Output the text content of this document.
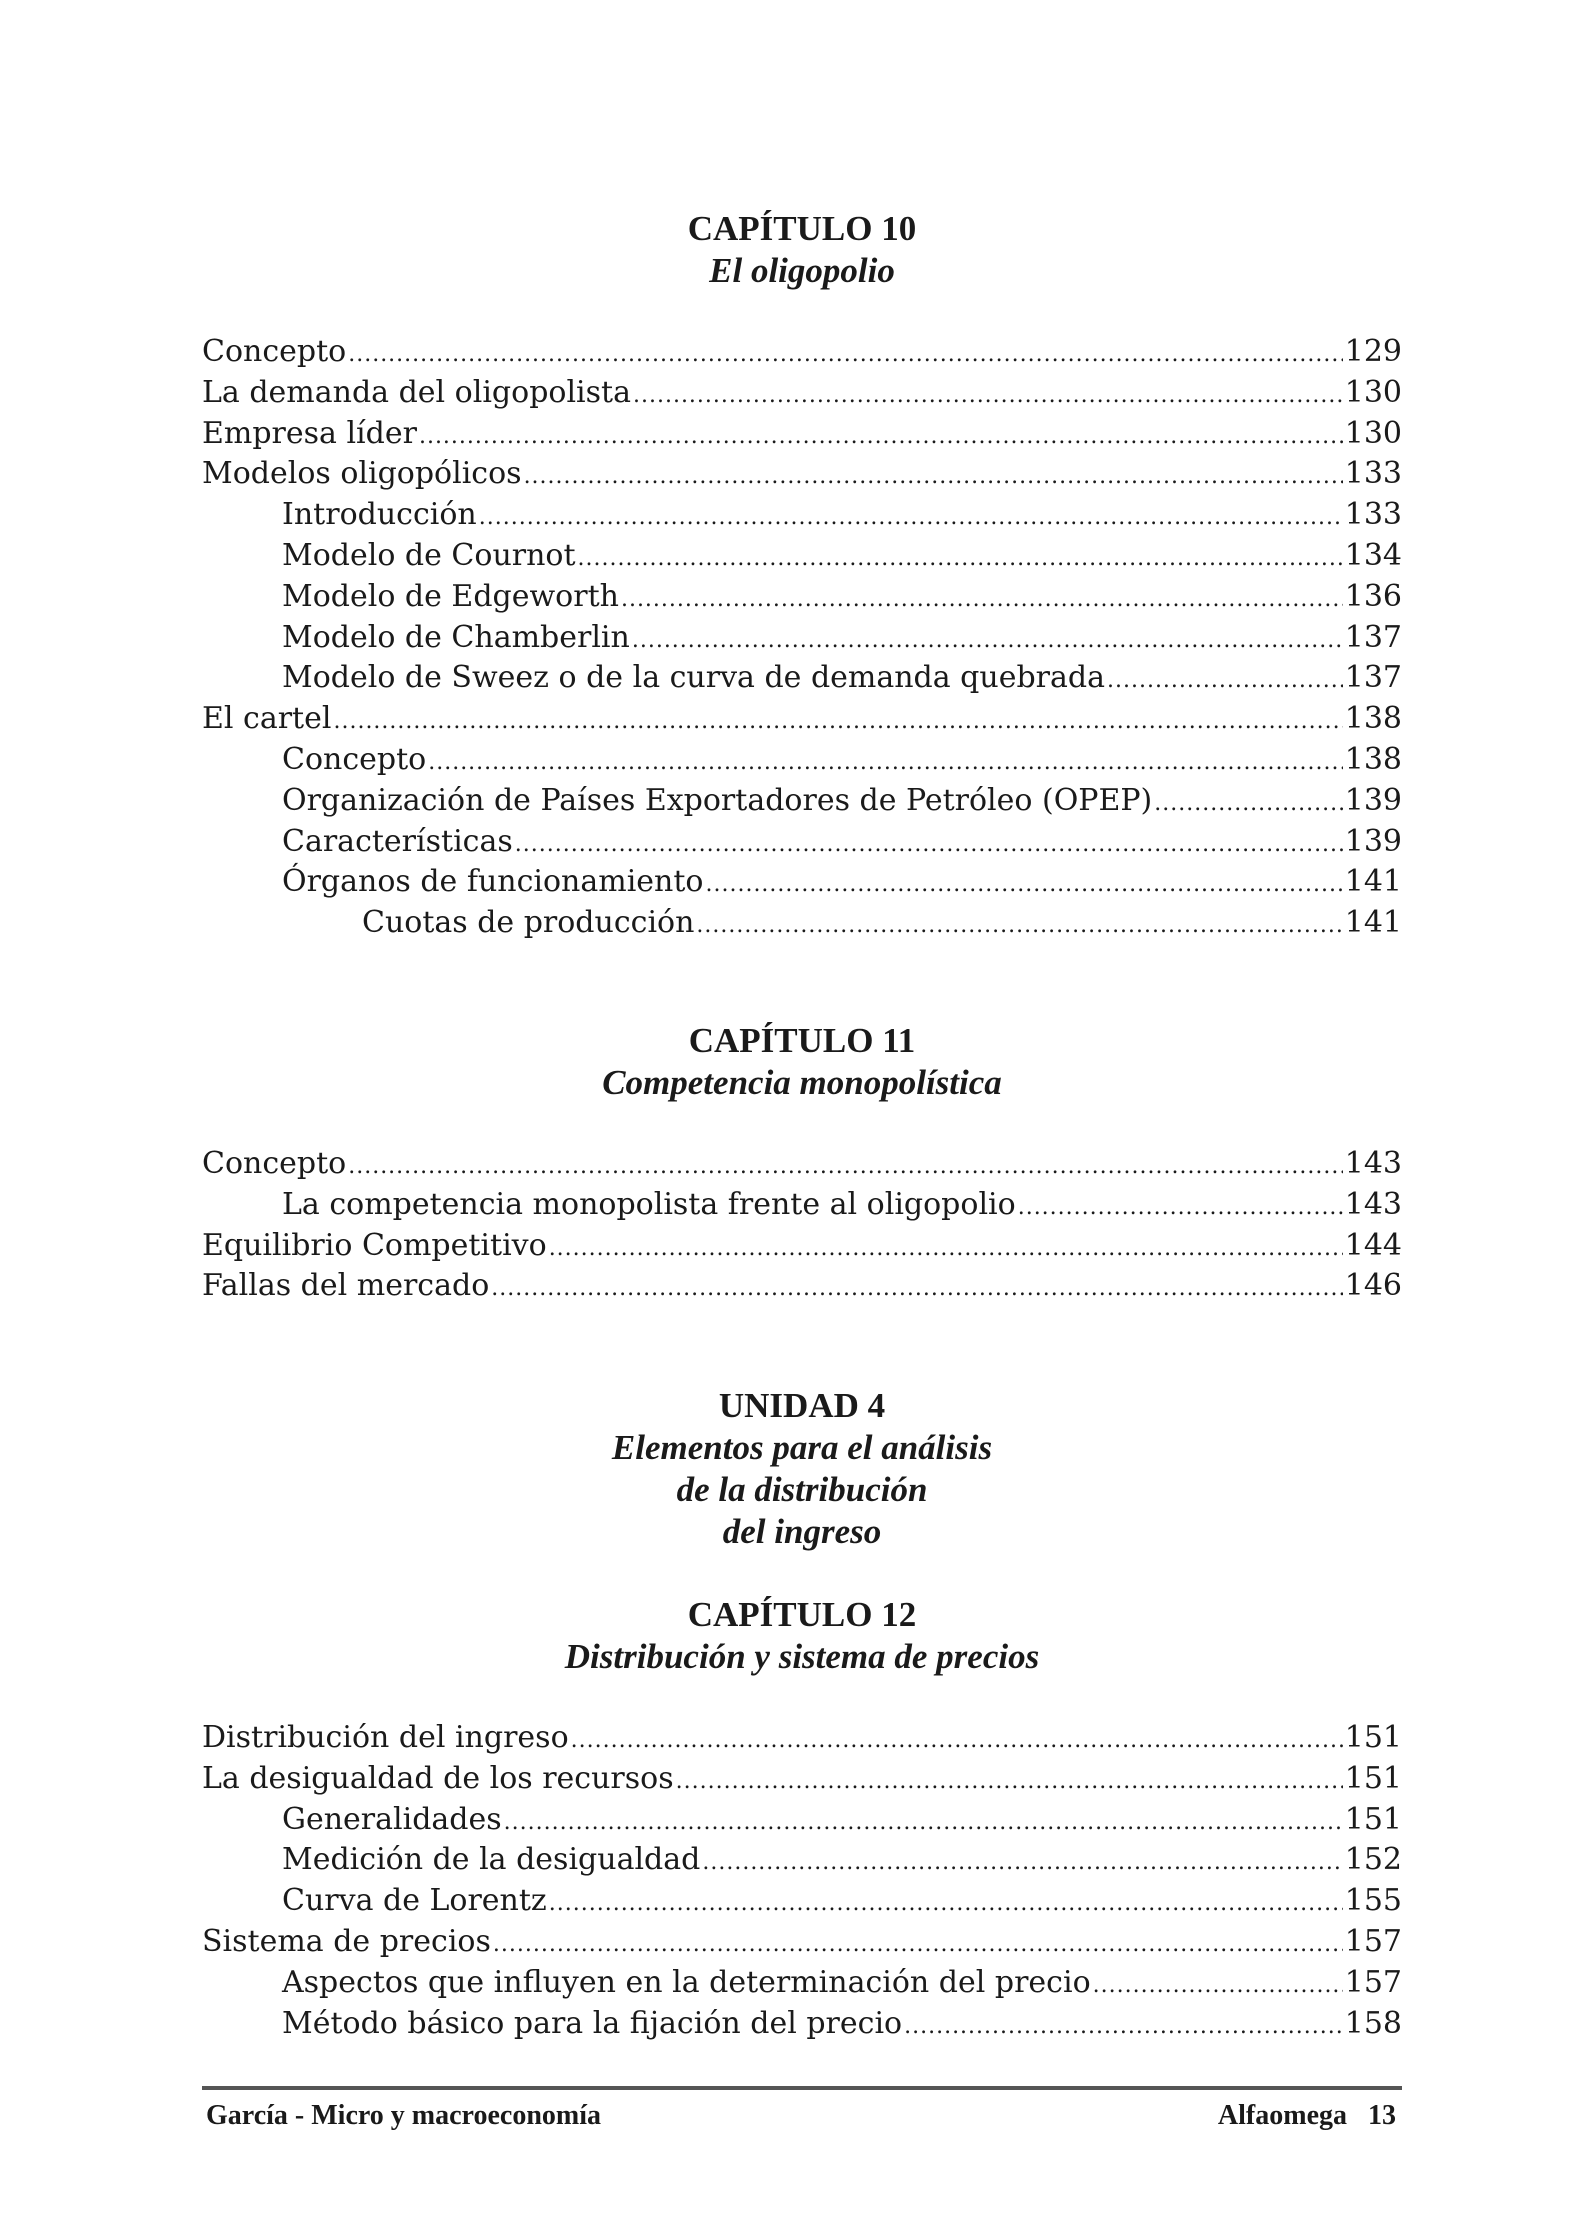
CAPÍTULO 10
El oligopolio
Concepto .....	129
La demanda del oligopolista .....	130
Empresa líder .....	130
Modelos oligopólicos .....	133
Introducción .....	133
Modelo de Cournot .....	134
Modelo de Edgeworth .....	136
Modelo de Chamberlin .....	137
Modelo de Sweez o de la curva de demanda quebrada .....	137
El cartel .....	138
Concepto .....	138
Organización de Países Exportadores de Petróleo (OPEP) .....	139
Características .....	139
Órganos de funcionamiento .....	141
Cuotas de producción .....	141
CAPÍTULO 11
Competencia monopolística
Concepto .....	143
La competencia monopolista frente al oligopolio .....	143
Equilibrio Competitivo .....	144
Fallas del mercado .....	146
UNIDAD 4
Elementos para el análisis
de la distribución
del ingreso
CAPÍTULO 12
Distribución y sistema de precios
Distribución del ingreso .....	151
La desigualdad de los recursos .....	151
Generalidades .....	151
Medición de la desigualdad .....	152
Curva de Lorentz .....	155
Sistema de precios .....	157
Aspectos que influyen en la determinación del precio .....	157
Método básico para la fijación del precio .....	158
García - Micro y macroeconomía	Alfaomega   13
